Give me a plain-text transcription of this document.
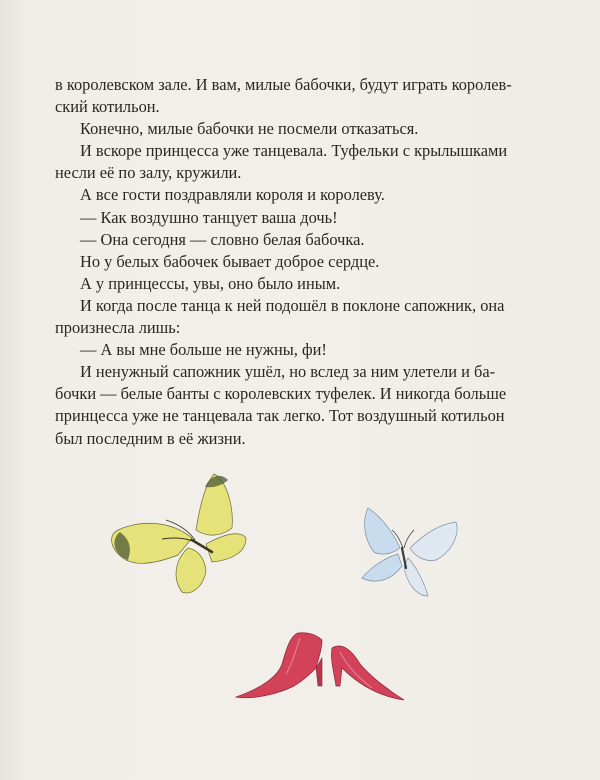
в королевском зале. И вам, милые бабочки, будут играть королев-

ский котильон.

Конечно, милые бабочки не посмели отказаться.

И вскоре принцесса уже танцевала. Туфельки с крылышками

несли её по залу, кружили.

А все гости поздравляли короля и королеву.

— Как воздушно танцует ваша дочь!

— Она сегодня — словно белая бабочка.

Но у белых бабочек бывает доброе сердце.

А у принцессы, увы, оно было иным.

И когда после танца к ней подошёл в поклоне сапожник, она

произнесла лишь:

— А вы мне больше не нужны, фи!

И ненужный сапожник ушёл, но вслед за ним улетели и ба-

бочки — белые банты с королевских туфелек. И никогда больше

принцесса уже не танцевала так легко. Тот воздушный котильон

был последним в её жизни.
